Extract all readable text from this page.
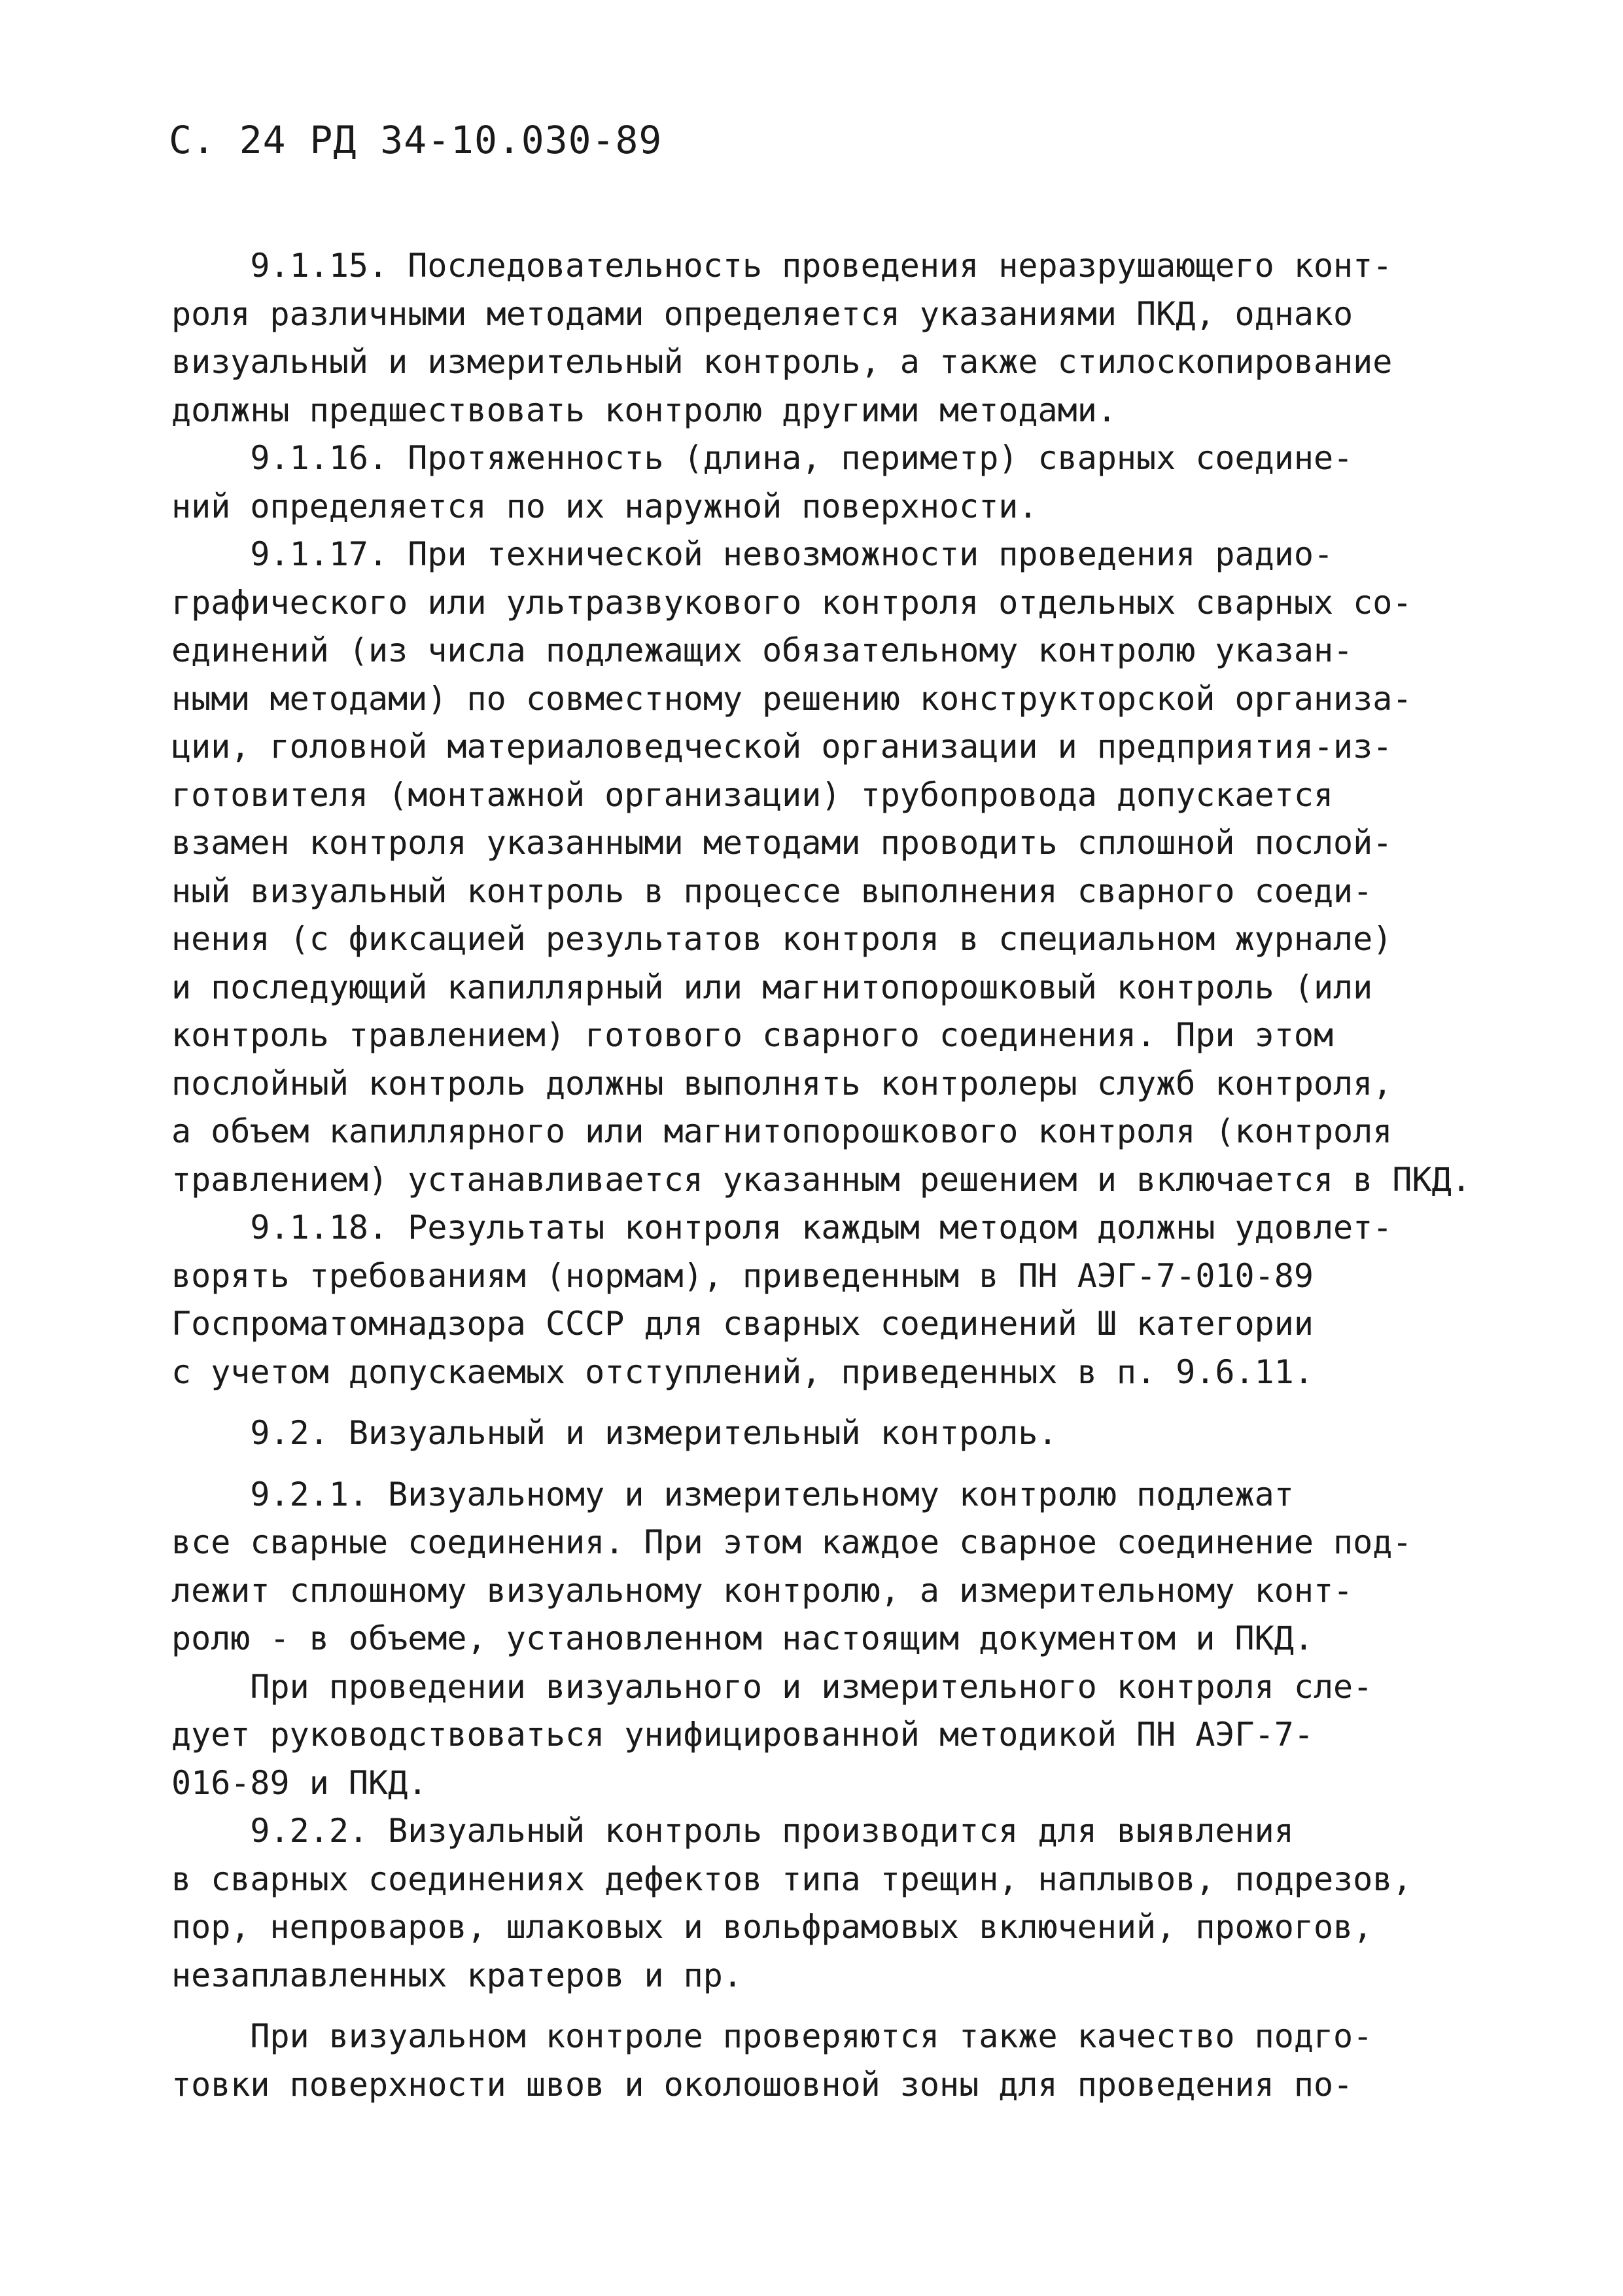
С. 24 РД 34-10.030-89
9.1.15. Последовательность проведения неразрушающего конт-
роля различными методами определяется указаниями ПКД, однако
визуальный и измерительный контроль, а также стилоскопирование
должны предшествовать контролю другими методами.
9.1.16. Протяженность (длина, периметр) сварных соедине-
ний определяется по их наружной поверхности.
9.1.17. При технической невозможности проведения радио-
графического или ультразвукового контроля отдельных сварных со-
единений (из числа подлежащих обязательному контролю указан-
ными методами) по совместному решению конструкторской организа-
ции, головной материаловедческой организации и предприятия-из-
готовителя (монтажной организации) трубопровода допускается
взамен контроля указанными методами проводить сплошной послой-
ный визуальный контроль в процессе выполнения сварного соеди-
нения (с фиксацией результатов контроля в специальном журнале)
и последующий капиллярный или магнитопорошковый контроль (или
контроль травлением) готового сварного соединения. При этом
послойный контроль должны выполнять контролеры служб контроля,
а объем капиллярного или магнитопорошкового контроля (контроля
травлением) устанавливается указанным решением и включается в ПКД.
9.1.18. Результаты контроля каждым методом должны удовлет-
ворять требованиям (нормам), приведенным в ПН АЭГ-7-010-89
Госпроматомнадзора СССР для сварных соединений Ш категории
с учетом допускаемых отступлений, приведенных в п. 9.6.11.
9.2. Визуальный и измерительный контроль.
9.2.1. Визуальному и измерительному контролю подлежат
все сварные соединения. При этом каждое сварное соединение под-
лежит сплошному визуальному контролю, а измерительному конт-
ролю - в объеме, установленном настоящим документом и ПКД.
При проведении визуального и измерительного контроля сле-
дует руководствоваться унифицированной методикой ПН АЭГ-7-
016-89 и ПКД.
9.2.2. Визуальный контроль производится для выявления
в сварных соединениях дефектов типа трещин, наплывов, подрезов,
пор, непроваров, шлаковых и вольфрамовых включений, прожогов,
незаплавленных кратеров и пр.
При визуальном контроле проверяются также качество подго-
товки поверхности швов и околошовной зоны для проведения по-
